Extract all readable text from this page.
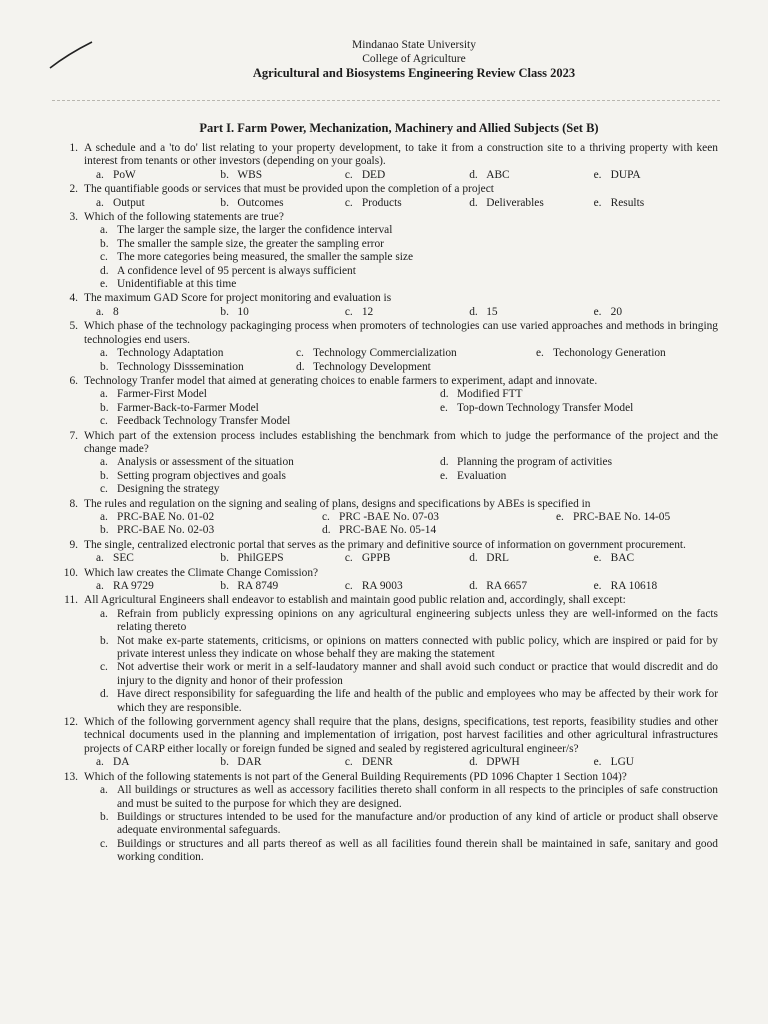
Mindanao State University
College of Agriculture
Agricultural and Biosystems Engineering Review Class 2023
Part I. Farm Power, Mechanization, Machinery and Allied Subjects (Set B)
1. A schedule and a 'to do' list relating to your property development, to take it from a construction site to a thriving property with keen interest from tenants or other investors (depending on your goals).
a. PoW	b. WBS	c. DED	d. ABC	e. DUPA
2. The quantifiable goods or services that must be provided upon the completion of a project
a. Output	b. Outcomes	c. Products	d. Deliverables	e. Results
3. Which of the following statements are true?
a. The larger the sample size, the larger the confidence interval
b. The smaller the sample size, the greater the sampling error
c. The more categories being measured, the smaller the sample size
d. A confidence level of 95 percent is always sufficient
e. Unidentifiable at this time
4. The maximum GAD Score for project monitoring and evaluation is
a. 8	b. 10	c. 12	d. 15	e. 20
5. Which phase of the technology packaginging process when promoters of technologies can use varied approaches and methods in bringing technologies end users.
a. Technology Adaptation	c. Technology Commercialization	e. Techonology Generation
b. Technology Disssemination	d. Technology Development
6. Technology Tranfer model that aimed at generating choices to enable farmers to experiment, adapt and innovate.
a. Farmer-First Model	d. Modified FTT
b. Farmer-Back-to-Farmer Model	e. Top-down Technology Transfer Model
c. Feedback Technology Transfer Model
7. Which part of the extension process includes establishing the benchmark from which to judge the performance of the project and the change made?
a. Analysis or assessment of the situation	d. Planning the program of activities
b. Setting program objectives and goals	e. Evaluation
c. Designing the strategy
8. The rules and regulation on the signing and sealing of plans, designs and specifications by ABEs is specified in
a. PRC-BAE No. 01-02	c. PRC -BAE No. 07-03	e. PRC-BAE No. 14-05
b. PRC-BAE No. 02-03	d. PRC-BAE No. 05-14
9. The single, centralized electronic portal that serves as the primary and definitive source of information on government procurement.
a. SEC	b. PhilGEPS	c. GPPB	d. DRL	e. BAC
10. Which law creates the Climate Change Comission?
a. RA 9729	b. RA 8749	c. RA 9003	d. RA 6657	e. RA 10618
11. All Agricultural Engineers shall endeavor to establish and maintain good public relation and, accordingly, shall except:
a. Refrain from publicly expressing opinions on any agricultural engineering subjects unless they are well-informed on the facts relating thereto
b. Not make ex-parte statements, criticisms, or opinions on matters connected with public policy, which are inspired or paid for by private interest unless they indicate on whose behalf they are making the statement
c. Not advertise their work or merit in a self-laudatory manner and shall avoid such conduct or practice that would discredit and do injury to the dignity and honor of their profession
d. Have direct responsibility for safeguarding the life and health of the public and employees who may be affected by their work for which they are responsible.
12. Which of the following gorvernment agency shall require that the plans, designs, specifications, test reports, feasibility studies and other technical documents used in the planning and implementation of irrigation, post harvest facilities and other agricultural infrastructures projects of CARP either locally or foreign funded be signed and sealed by registered agricultural engineer/s?
a. DA	b. DAR	c. DENR	d. DPWH	e. LGU
13. Which of the following statements is not part of the General Building Requirements (PD 1096 Chapter 1 Section 104)?
a. All buildings or structures as well as accessory facilities thereto shall conform in all respects to the principles of safe construction and must be suited to the purpose for which they are designed.
b. Buildings or structures intended to be used for the manufacture and/or production of any kind of article or product shall observe adequate environmental safeguards.
c. Buildings or structures and all parts thereof as well as all facilities found therein shall be maintained in safe, sanitary and good working condition.
